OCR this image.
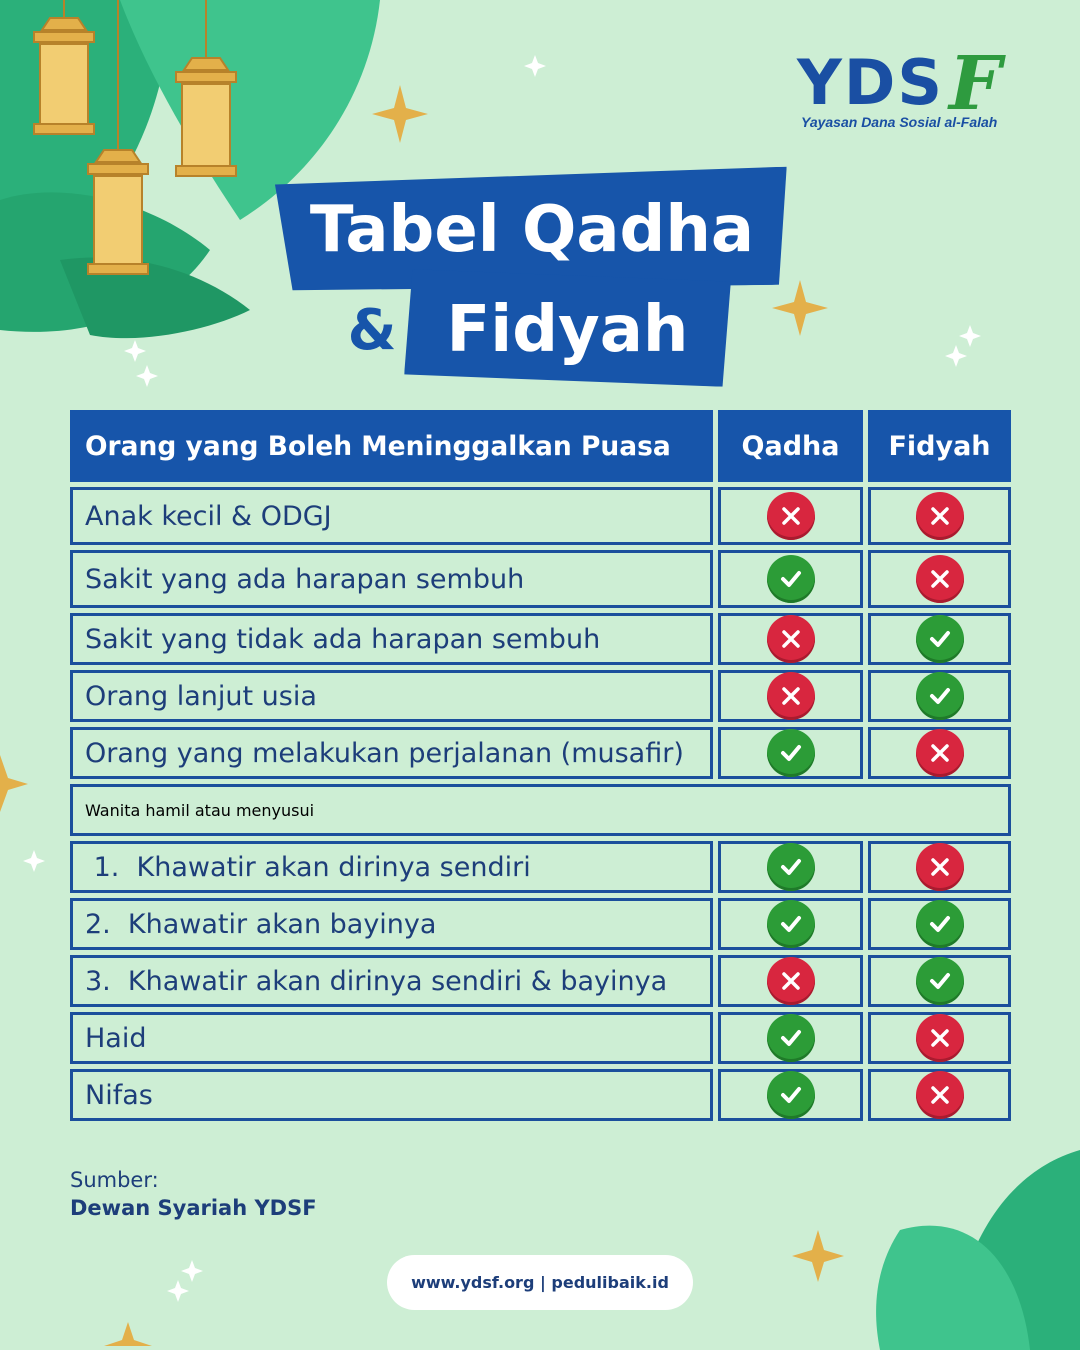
YDS F
Yayasan Dana Sosial al-Falah
Tabel Qadha
& Fidyah
Orang yang Boleh Meninggalkan Puasa	Qadha Fidyah
Anak kecil & ODGJ
Sakit yang ada harapan sembuh
Sakit yang tidak ada harapan sembuh
Orang lanjut usia
Orang yang melakukan perjalanan (musafir)
Wanita hamil atau menyusui
1.  Khawatir akan dirinya sendiri
2.  Khawatir akan bayinya
3.  Khawatir akan dirinya sendiri & bayinya
Haid
Nifas
Sumber:
Dewan Syariah YDSF
www.ydsf.org | pedulibaik.id
